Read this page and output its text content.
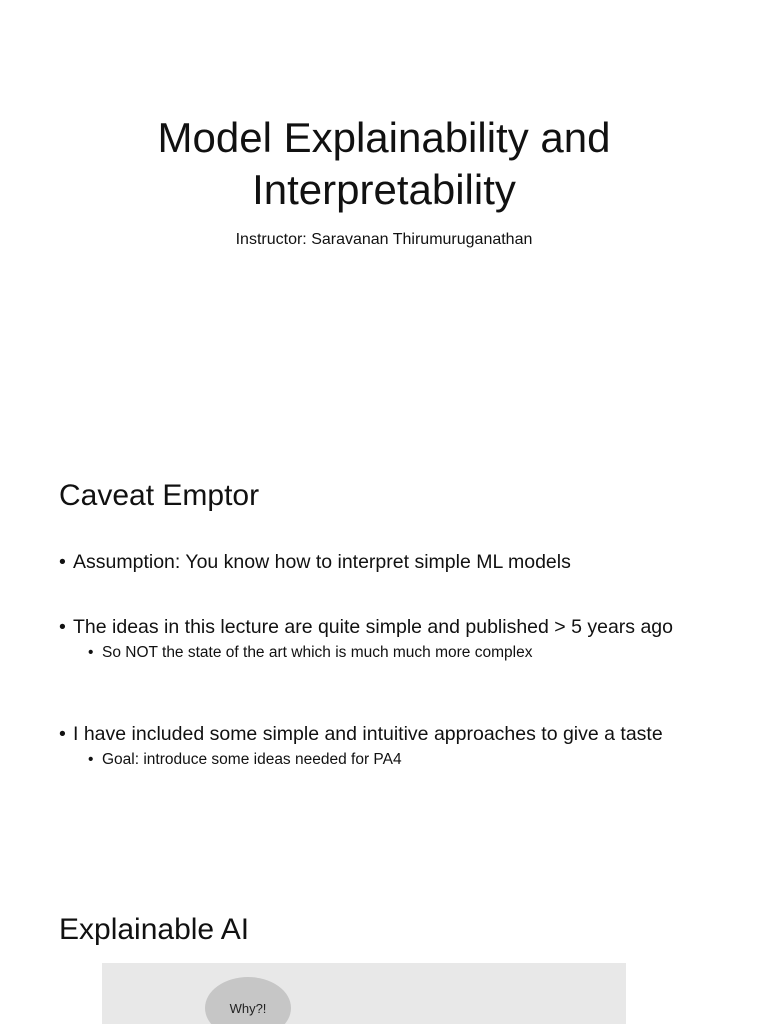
Model Explainability and
Interpretability
Instructor: Saravanan Thirumuruganathan
Caveat Emptor
• Assumption: You know how to interpret simple ML models
• The ideas in this lecture are quite simple and published > 5 years ago
• So NOT the state of the art which is much much more complex
• I have included some simple and intuitive approaches to give a taste
• Goal: introduce some ideas needed for PA4
Explainable AI
Why?!
